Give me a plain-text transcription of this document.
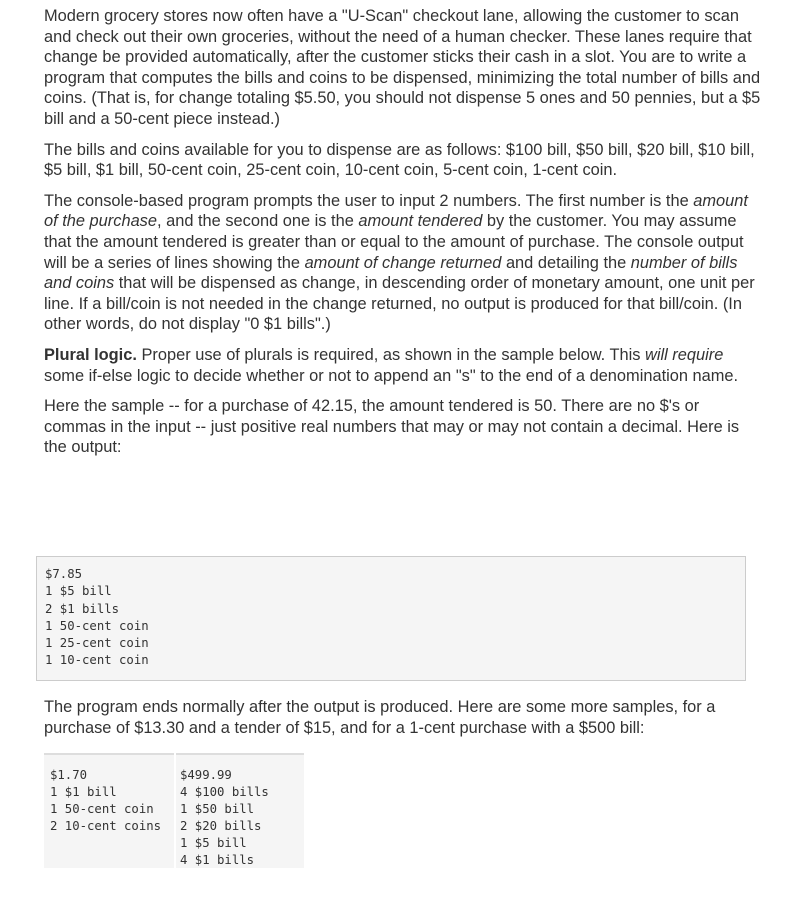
Modern grocery stores now often have a "U-Scan" checkout lane, allowing the customer to scan and check out their own groceries, without the need of a human checker. These lanes require that change be provided automatically, after the customer sticks their cash in a slot. You are to write a program that computes the bills and coins to be dispensed, minimizing the total number of bills and coins. (That is, for change totaling $5.50, you should not dispense 5 ones and 50 pennies, but a $5 bill and a 50-cent piece instead.)

The bills and coins available for you to dispense are as follows: $100 bill, $50 bill, $20 bill, $10 bill, $5 bill, $1 bill, 50-cent coin, 25-cent coin, 10-cent coin, 5-cent coin, 1-cent coin.

The console-based program prompts the user to input 2 numbers. The first number is the amount of the purchase, and the second one is the amount tendered by the customer. You may assume that the amount tendered is greater than or equal to the amount of purchase. The console output will be a series of lines showing the amount of change returned and detailing the number of bills and coins that will be dispensed as change, in descending order of monetary amount, one unit per line. If a bill/coin is not needed in the change returned, no output is produced for that bill/coin. (In other words, do not display "0 $1 bills".)

Plural logic. Proper use of plurals is required, as shown in the sample below. This will require some if-else logic to decide whether or not to append an "s" to the end of a denomination name.

Here the sample -- for a purchase of 42.15, the amount tendered is 50. There are no $'s or commas in the input -- just positive real numbers that may or may not contain a decimal. Here is the output:

$7.85
1 $5 bill
2 $1 bills
1 50-cent coin
1 25-cent coin
1 10-cent coin

The program ends normally after the output is produced. Here are some more samples, for a purchase of $13.30 and a tender of $15, and for a 1-cent purchase with a $500 bill:

$1.70
1 $1 bill
1 50-cent coin
2 10-cent coins
$499.99
4 $100 bills
1 $50 bill
2 $20 bills
1 $5 bill
4 $1 bills
